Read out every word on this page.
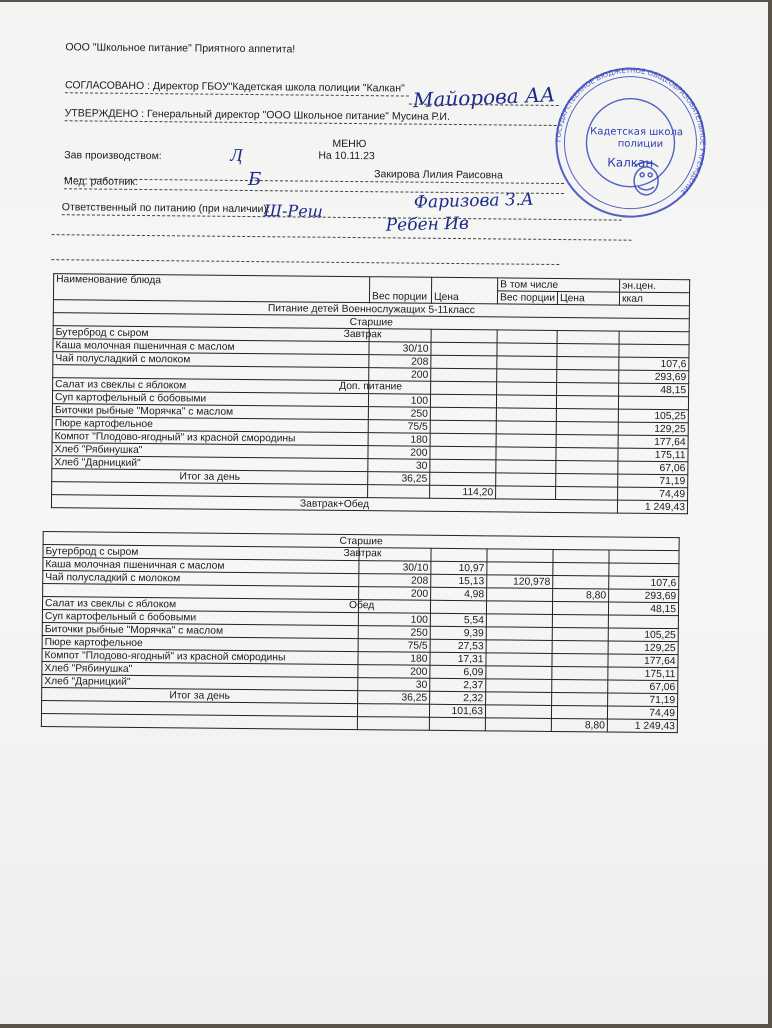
ООО "Школьное питание" Приятного аппетита!
СОГЛАСОВАНО : Директор ГБОУ"Кадетская школа полиции "Калкан" Майорова АА
УТВЕРЖДЕНО : Генеральный директор "ООО Школьное питание" Мусина Р.И.
МЕНЮ
На 10.11.23
Зав производством:	Ӆ
Закирова Лилия Раисовна
Мед. работник:	Б
Ответственный по питанию (при наличии):
Ш-Реш	Фаризова З.А
Ребен Ив
ГОСУДАРСТВЕННОЕ БЮДЖЕТНОЕ ОБЩЕОБРАЗОВАТЕЛЬНОЕ УЧРЕЖДЕНИЕ
Кадетская школа
полиции
Калкан
Наименование блюда	Вес порции	Цена	В том числе		эн.цен.
			Вес порции	Цена	ккал
Питание детей Военнослужащих 5-11класс					
Старшие					
Бутерброд с сыром Завтрак					

Каша молочная пшеничная с маслом	30/10				
Чай полусладкий с молоком	208				107,6
	200				293,69
Салат из свеклы с яблоком Доп. питание					48,15
Суп картофельный с бобовыми	100				
Биточки рыбные "Морячка" с маслом	250				105,25
Пюре картофельное	75/5				129,25
Компот "Плодово-ягодный" из красной смородины	180				177,64
Хлеб "Рябинушка"	200				175,11
Хлеб "Дарницкий"	30				67,06
Итог за день	36,25				71,19
		114,20			74,49
Завтрак+Обед					1 249,43
Старшие					
Бутерброд с сыром Завтрак					

Каша молочная пшеничная с маслом	30/10	10,97			
Чай полусладкий с молоком	208	15,13	120,978		107,6
	200	4,98		8,80	293,69
Салат из свеклы с яблоком Обед					48,15
Суп картофельный с бобовыми	100	5,54			
Биточки рыбные "Морячка" с маслом	250	9,39			105,25
Пюре картофельное	75/5	27,53			129,25
Компот "Плодово-ягодный" из красной смородины	180	17,31			177,64
Хлеб "Рябинушка"	200	6,09			175,11
Хлеб "Дарницкий"	30	2,37			67,06
Итог за день	36,25	2,32			71,19
		101,63			74,49
				8,80	1 249,43
